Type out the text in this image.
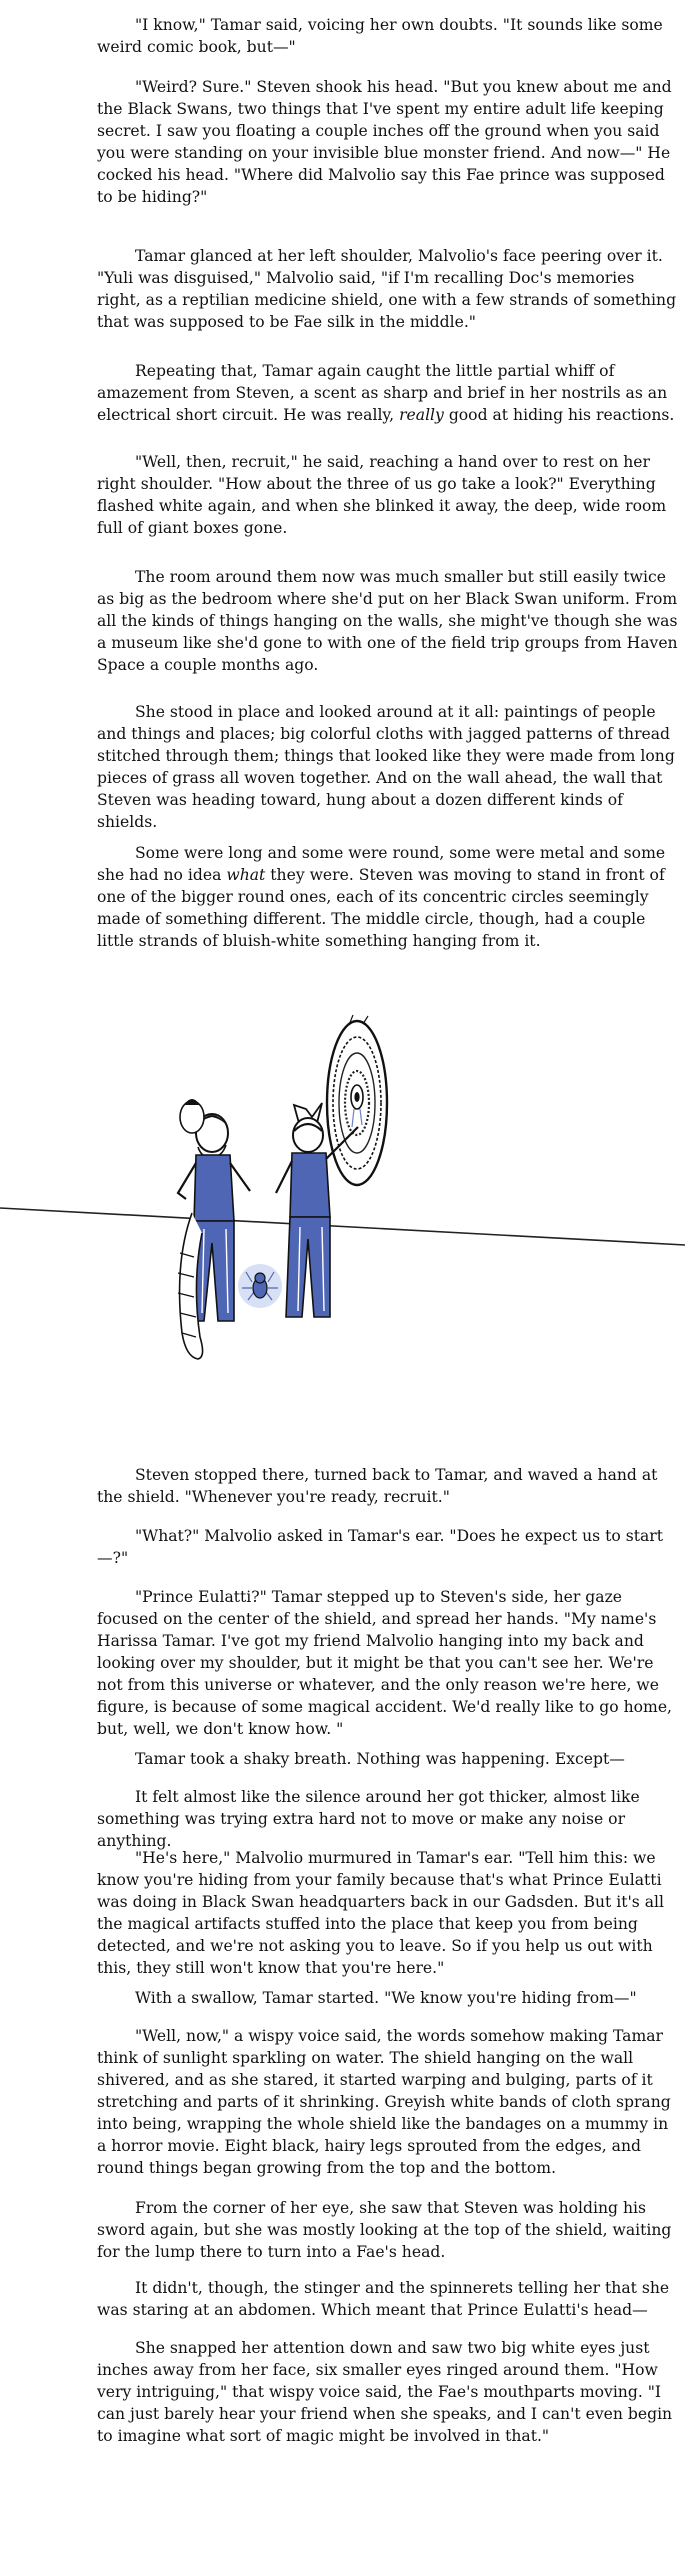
"I know," Tamar said, voicing her own doubts. "It sounds like some weird comic book, but—"

"Weird? Sure." Steven shook his head. "But you knew about me and the Black Swans, two things that I've spent my entire adult life keeping secret. I saw you floating a couple inches off the ground when you said you were standing on your invisible blue monster friend. And now—" He cocked his head. "Where did Malvolio say this Fae prince was supposed to be hiding?"

Tamar glanced at her left shoulder, Malvolio's face peering over it. "Yuli was disguised," Malvolio said, "if I'm recalling Doc's memories right, as a reptilian medicine shield, one with a few strands of something that was supposed to be Fae silk in the middle."

Repeating that, Tamar again caught the little partial whiff of amazement from Steven, a scent as sharp and brief in her nostrils as an electrical short circuit. He was really, really good at hiding his reactions.

"Well, then, recruit," he said, reaching a hand over to rest on her right shoulder. "How about the three of us go take a look?" Everything flashed white again, and when she blinked it away, the deep, wide room full of giant boxes gone.

The room around them now was much smaller but still easily twice as big as the bedroom where she'd put on her Black Swan uniform. From all the kinds of things hanging on the walls, she might've though she was a museum like she'd gone to with one of the field trip groups from Haven Space a couple months ago.

She stood in place and looked around at it all: paintings of people and things and places; big colorful cloths with jagged patterns of thread stitched through them; things that looked like they were made from long pieces of grass all woven together. And on the wall ahead, the wall that Steven was heading toward, hung about a dozen different kinds of shields.

Some were long and some were round, some were metal and some she had no idea what they were. Steven was moving to stand in front of one of the bigger round ones, each of its concentric circles seemingly made of something different. The middle circle, though, had a couple little strands of bluish-white something hanging from it.

Steven stopped there, turned back to Tamar, and waved a hand at the shield. "Whenever you're ready, recruit."

"What?" Malvolio asked in Tamar's ear. "Does he expect us to start—?"

"Prince Eulatti?" Tamar stepped up to Steven's side, her gaze focused on the center of the shield, and spread her hands. "My name's Harissa Tamar. I've got my friend Malvolio hanging into my back and looking over my shoulder, but it might be that you can't see her. We're not from this universe or whatever, and the only reason we're here, we figure, is because of some magical accident. We'd really like to go home, but, well, we don't know how. "

Tamar took a shaky breath. Nothing was happening. Except—

It felt almost like the silence around her got thicker, almost like something was trying extra hard not to move or make any noise or anything.

"He's here," Malvolio murmured in Tamar's ear. "Tell him this: we know you're hiding from your family because that's what Prince Eulatti was doing in Black Swan headquarters back in our Gadsden. But it's all the magical artifacts stuffed into the place that keep you from being detected, and we're not asking you to leave. So if you help us out with this, they still won't know that you're here."

With a swallow, Tamar started. "We know you're hiding from—"

"Well, now," a wispy voice said, the words somehow making Tamar think of sunlight sparkling on water. The shield hanging on the wall shivered, and as she stared, it started warping and bulging, parts of it stretching and parts of it shrinking. Greyish white bands of cloth sprang into being, wrapping the whole shield like the bandages on a mummy in a horror movie. Eight black, hairy legs sprouted from the edges, and round things began growing from the top and the bottom.

From the corner of her eye, she saw that Steven was holding his sword again, but she was mostly looking at the top of the shield, waiting for the lump there to turn into a Fae's head.

It didn't, though, the stinger and the spinnerets telling her that she was staring at an abdomen. Which meant that Prince Eulatti's head—

She snapped her attention down and saw two big white eyes just inches away from her face, six smaller eyes ringed around them. "How very intriguing," that wispy voice said, the Fae's mouthparts moving. "I can just barely hear your friend when she speaks, and I can't even begin to imagine what sort of magic might be involved in that."
